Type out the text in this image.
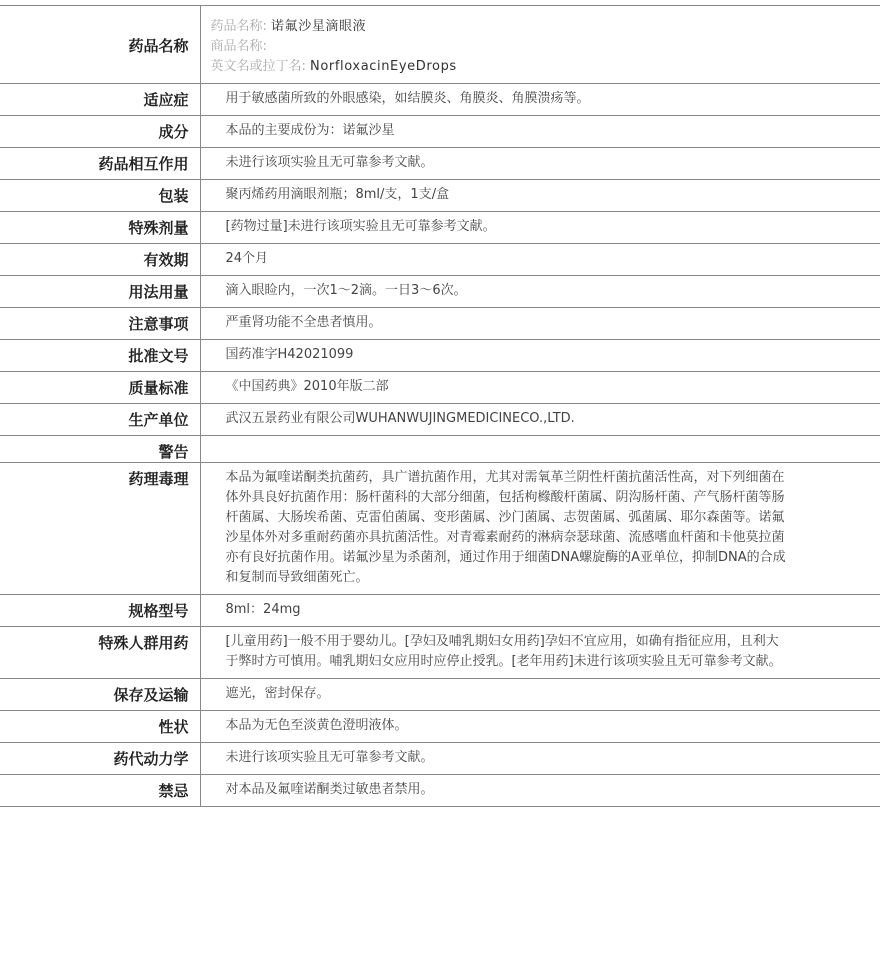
药品名称	药品名称: 诺氟沙星滴眼液
商品名称:
英文名或拉丁名: NorfloxacinEyeDrops

适应症	用于敏感菌所致的外眼感染，如结膜炎、角膜炎、角膜溃疡等。

成分	本品的主要成份为：诺氟沙星

药品相互作用	未进行该项实验且无可靠参考文献。

包装	聚丙烯药用滴眼剂瓶；8ml/支，1支/盒

特殊剂量	[药物过量]未进行该项实验且无可靠参考文献。

有效期	24个月

用法用量	滴入眼睑内，一次1～2滴。一日3～6次。

注意事项	严重肾功能不全患者慎用。

批准文号	国药准字H42021099

质量标准	《中国药典》2010年版二部

生产单位	武汉五景药业有限公司WUHANWUJINGMEDICINECO.,LTD.

警告	

药理毒理	本品为氟喹诺酮类抗菌药，具广谱抗菌作用，尤其对需氧革兰阴性杆菌抗菌活性高，对下列细菌在体外具良好抗菌作用：肠杆菌科的大部分细菌，包括枸橼酸杆菌属、阴沟肠杆菌、产气肠杆菌等肠杆菌属、大肠埃希菌、克雷伯菌属、变形菌属、沙门菌属、志贺菌属、弧菌属、耶尔森菌等。诺氟沙星体外对多重耐药菌亦具抗菌活性。对青霉素耐药的淋病奈瑟球菌、流感嗜血杆菌和卡他莫拉菌亦有良好抗菌作用。诺氟沙星为杀菌剂，通过作用于细菌DNA螺旋酶的A亚单位，抑制DNA的合成和复制而导致细菌死亡。

规格型号	8ml：24mg

特殊人群用药	[儿童用药]一般不用于婴幼儿。[孕妇及哺乳期妇女用药]孕妇不宜应用，如确有指征应用，且利大于弊时方可慎用。哺乳期妇女应用时应停止授乳。[老年用药]未进行该项实验且无可靠参考文献。

保存及运输	遮光，密封保存。

性状	本品为无色至淡黄色澄明液体。

药代动力学	未进行该项实验且无可靠参考文献。

禁忌	对本品及氟喹诺酮类过敏患者禁用。
